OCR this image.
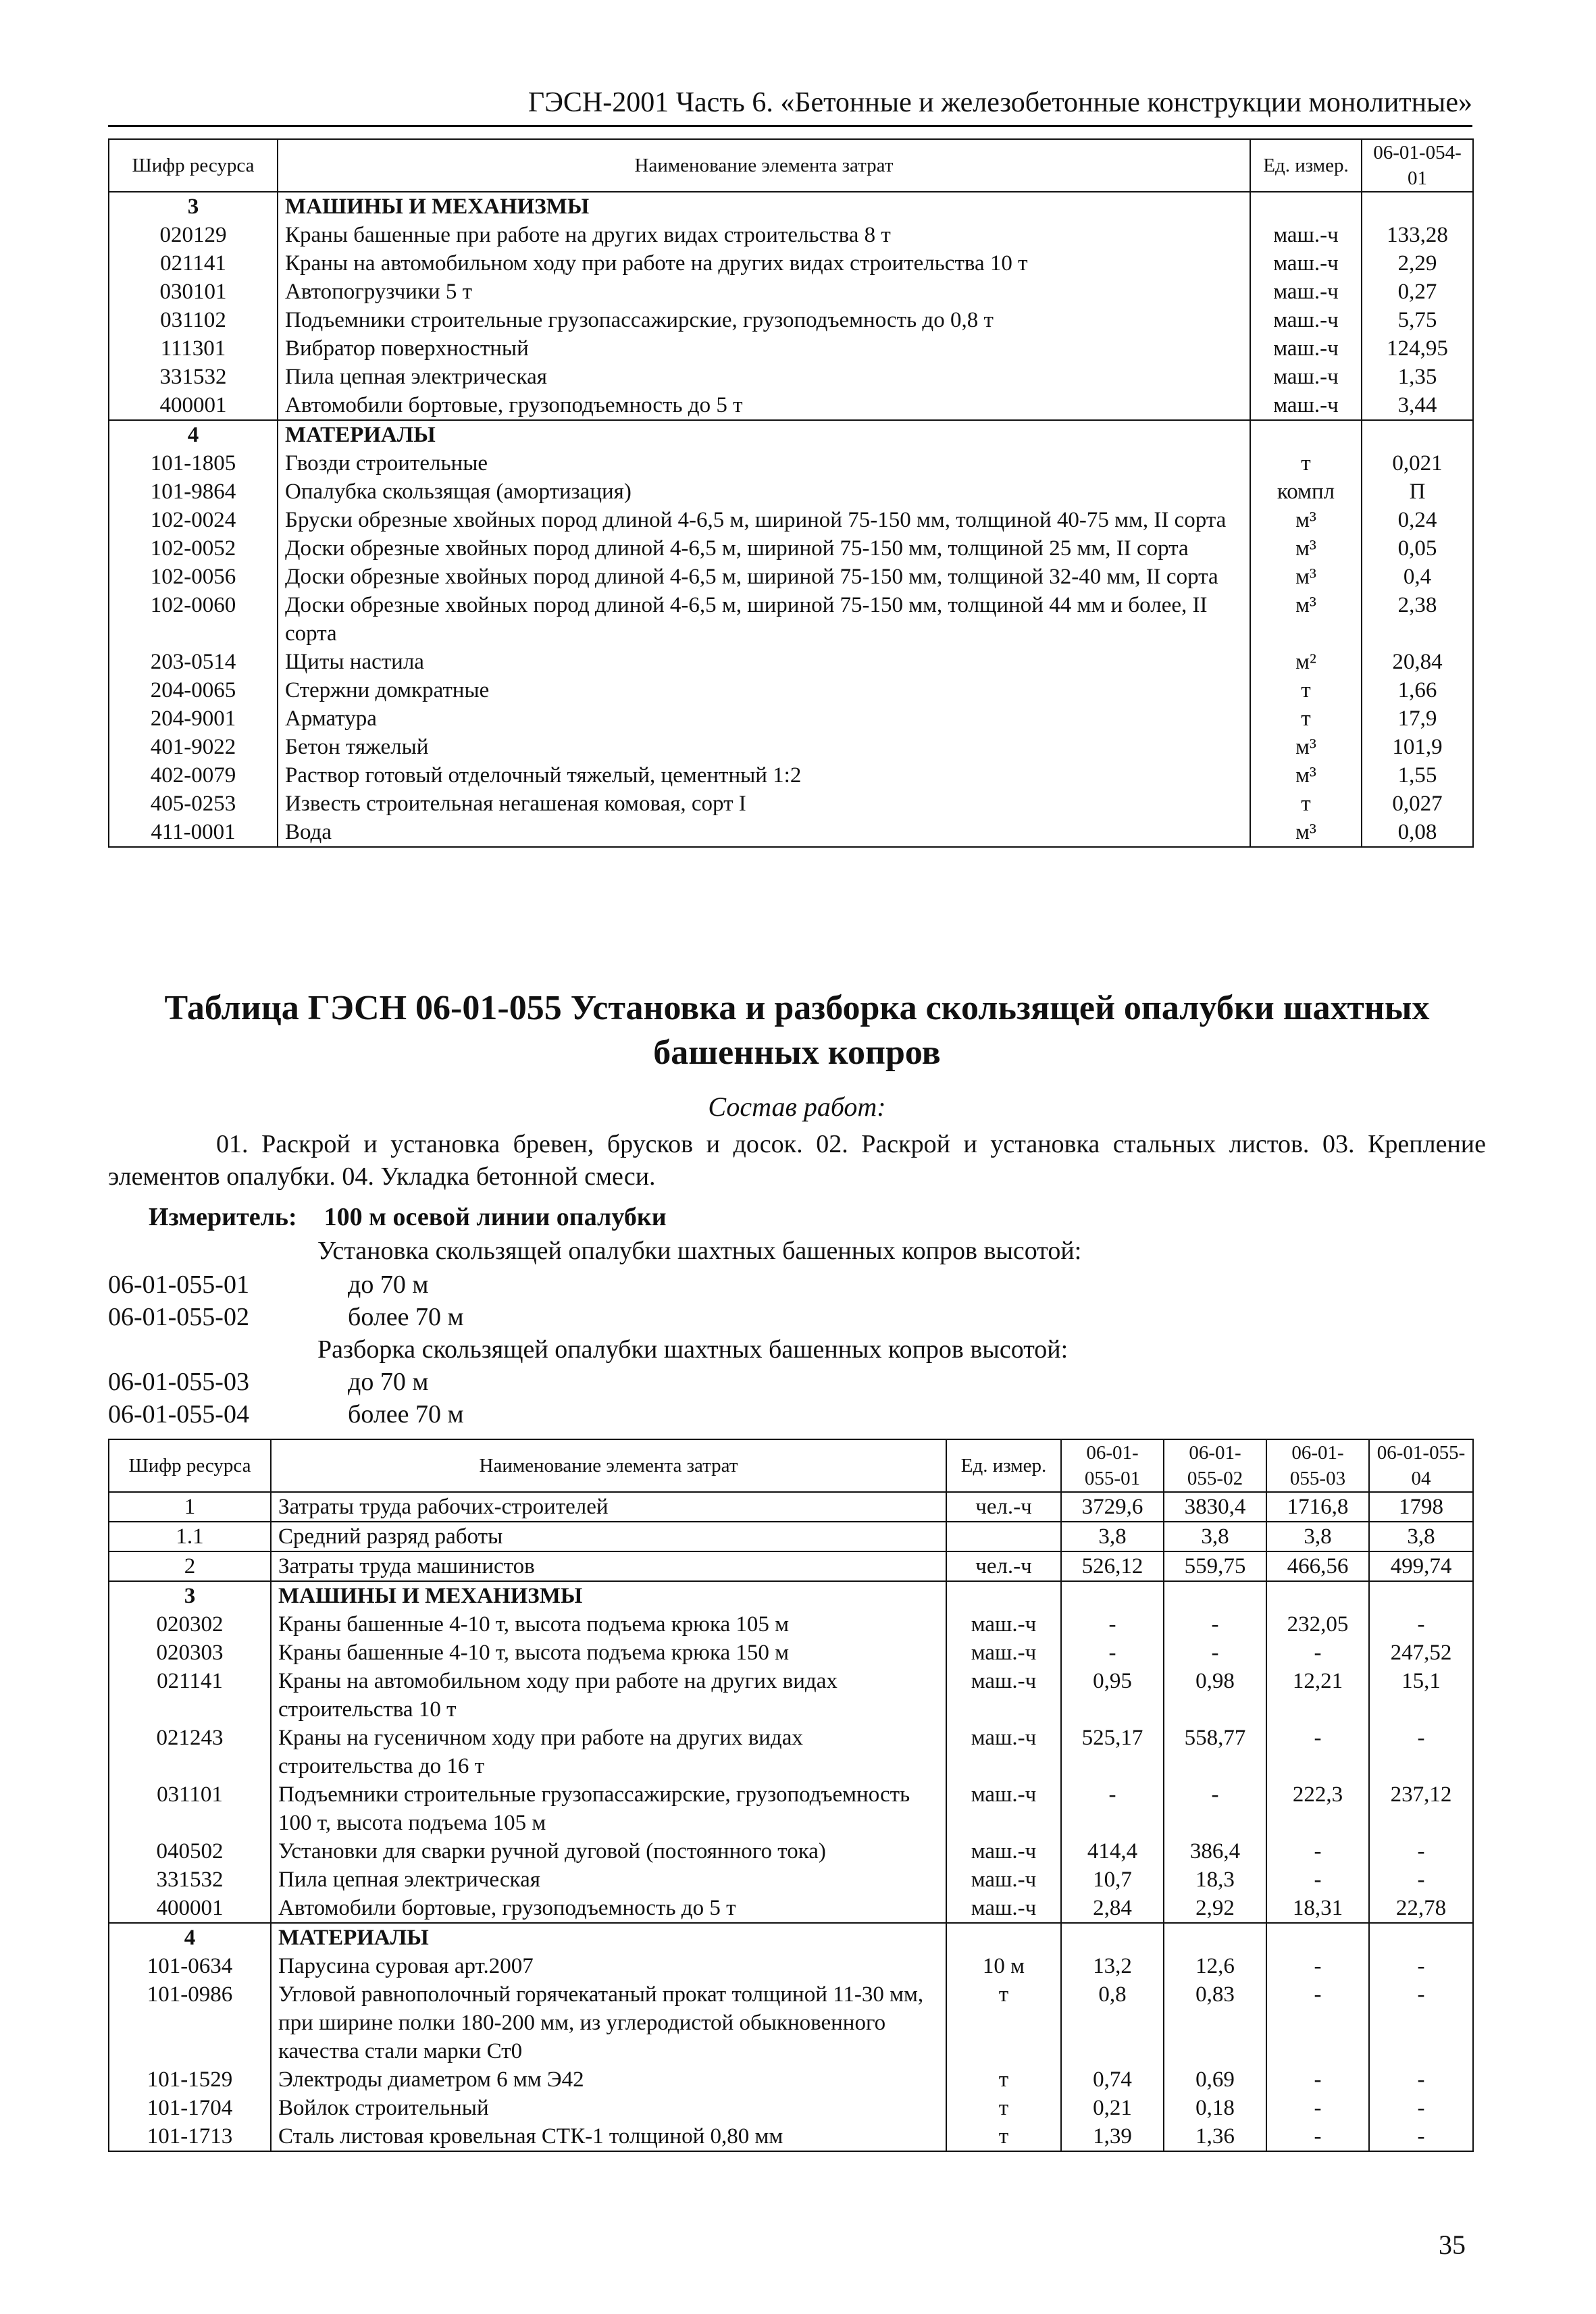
ГЭСН-2001 Часть 6. «Бетонные и железобетонные конструкции монолитные»
Шифр ресурса	Наименование элемента затрат	Ед. измер.	06-01-054-01
3	МАШИНЫ И МЕХАНИЗМЫ		
020129	Краны башенные при работе на других видах строительства 8 т	маш.-ч	133,28
021141	Краны на автомобильном ходу при работе на других видах строительства 10 т	маш.-ч	2,29
030101	Автопогрузчики 5 т	маш.-ч	0,27
031102	Подъемники строительные грузопассажирские, грузоподъемность до 0,8 т	маш.-ч	5,75
111301	Вибратор поверхностный	маш.-ч	124,95
331532	Пила цепная электрическая	маш.-ч	1,35
400001	Автомобили бортовые, грузоподъемность до 5 т	маш.-ч	3,44
4	МАТЕРИАЛЫ		
101-1805	Гвозди строительные	т	0,021
101-9864	Опалубка скользящая (амортизация)	компл	П
102-0024	Бруски обрезные хвойных пород длиной 4-6,5 м, шириной 75-150 мм, толщиной 40-75 мм, II сорта	м³	0,24
102-0052	Доски обрезные хвойных пород длиной 4-6,5 м, шириной 75-150 мм, толщиной 25 мм, II сорта	м³	0,05
102-0056	Доски обрезные хвойных пород длиной 4-6,5 м, шириной 75-150 мм, толщиной 32-40 мм, II сорта	м³	0,4
102-0060	Доски обрезные хвойных пород длиной 4-6,5 м, шириной 75-150 мм, толщиной 44 мм и более, II сорта	м³	2,38
203-0514	Щиты настила	м²	20,84
204-0065	Стержни домкратные	т	1,66
204-9001	Арматура	т	17,9
401-9022	Бетон тяжелый	м³	101,9
402-0079	Раствор готовый отделочный тяжелый, цементный 1:2	м³	1,55
405-0253	Известь строительная негашеная комовая, сорт I	т	0,027
411-0001	Вода	м³	0,08
Таблица ГЭСН 06-01-055 Установка и разборка скользящей опалубки шахтных башенных копров
Состав работ:
01. Раскрой и установка бревен, брусков и досок. 02. Раскрой и установка стальных листов. 03. Крепление элементов опалубки. 04. Укладка бетонной смеси.
Измеритель: 100 м осевой линии опалубки
Установка скользящей опалубки шахтных башенных копров высотой:
06-01-055-01	до 70 м
06-01-055-02	более 70 м
Разборка скользящей опалубки шахтных башенных копров высотой:
06-01-055-03	до 70 м
06-01-055-04	более 70 м
Шифр ресурса	Наименование элемента затрат	Ед. измер.	06-01-055-01	06-01-055-02	06-01-055-03	06-01-055-04
1	Затраты труда рабочих-строителей	чел.-ч	3729,6	3830,4	1716,8	1798
1.1	Средний разряд работы		3,8	3,8	3,8	3,8
2	Затраты труда машинистов	чел.-ч	526,12	559,75	466,56	499,74
3	МАШИНЫ И МЕХАНИЗМЫ					
020302	Краны башенные 4-10 т, высота подъема крюка 105 м	маш.-ч	-	-	232,05	-
020303	Краны башенные 4-10 т, высота подъема крюка 150 м	маш.-ч	-	-	-	247,52
021141	Краны на автомобильном ходу при работе на других видах строительства 10 т	маш.-ч	0,95	0,98	12,21	15,1
021243	Краны на гусеничном ходу при работе на других видах строительства до 16 т	маш.-ч	525,17	558,77	-	-
031101	Подъемники строительные грузопассажирские, грузоподъемность 100 т, высота подъема 105 м	маш.-ч	-	-	222,3	237,12
040502	Установки для сварки ручной дуговой (постоянного тока)	маш.-ч	414,4	386,4	-	-
331532	Пила цепная электрическая	маш.-ч	10,7	18,3	-	-
400001	Автомобили бортовые, грузоподъемность до 5 т	маш.-ч	2,84	2,92	18,31	22,78
4	МАТЕРИАЛЫ					
101-0634	Парусина суровая арт.2007	10 м	13,2	12,6	-	-
101-0986	Угловой равнополочный горячекатаный прокат толщиной 11-30 мм, при ширине полки 180-200 мм, из углеродистой обыкновенного качества стали марки Ст0	т	0,8	0,83	-	-
101-1529	Электроды диаметром 6 мм Э42	т	0,74	0,69	-	-
101-1704	Войлок строительный	т	0,21	0,18	-	-
101-1713	Сталь листовая кровельная СТК-1 толщиной 0,80 мм	т	1,39	1,36	-	-
35
